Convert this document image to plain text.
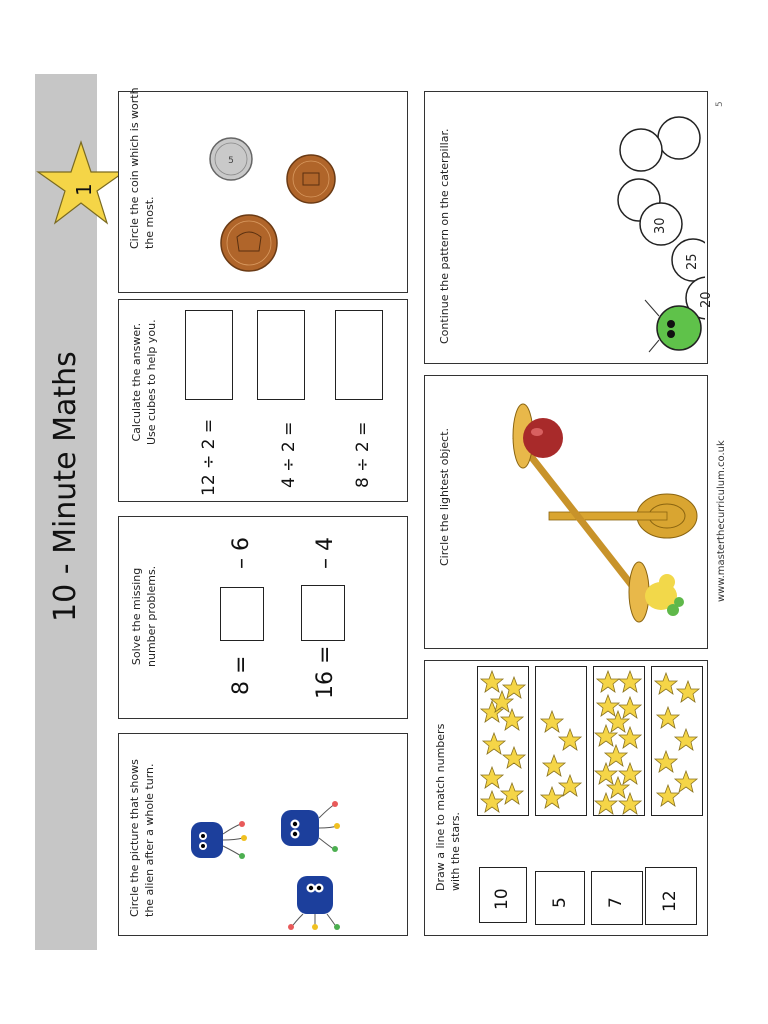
10 - Minute Maths
1
5
Circle the coin which is worth
the most.
5
Calculate the answer.
Use cubes to help you.
12 ÷ 2 =	4 ÷ 2 =	8 ÷ 2 =
Solve the missing
number problems.
8 =
– 6
16 =
– 4
Circle the picture that shows
the alien after a whole turn.
Continue the pattern on the caterpillar.	30
25
20
Circle the lightest object.
Draw a line to match numbers
with the stars.
10 5 7 12
www.masterthecurriculum.co.uk
